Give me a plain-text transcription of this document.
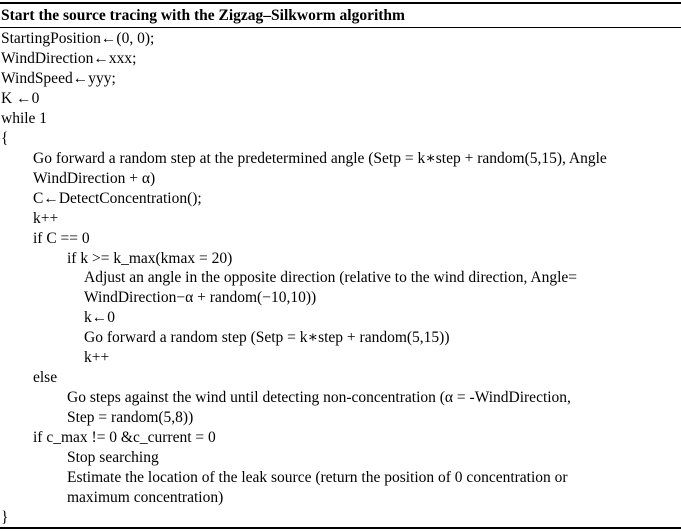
Start the source tracing with the Zigzag–Silkworm algorithm
StartingPosition←(0, 0);
WindDirection←xxx;
WindSpeed←yyy;
K ←0
while 1
{
Go forward a random step at the predetermined angle (Setp = k∗step + random(5,15), Angle
WindDirection + α)
C←DetectConcentration();
k++
if C == 0
if k >= k_max(kmax = 20)
Adjust an angle in the opposite direction (relative to the wind direction, Angle=
WindDirection−α + random(−10,10))
k←0
Go forward a random step (Setp = k∗step + random(5,15))
k++
else
Go steps against the wind until detecting non-concentration (α = -WindDirection,
Step = random(5,8))
if c_max != 0 &c_current = 0
Stop searching
Estimate the location of the leak source (return the position of 0 concentration or
maximum concentration)
}
